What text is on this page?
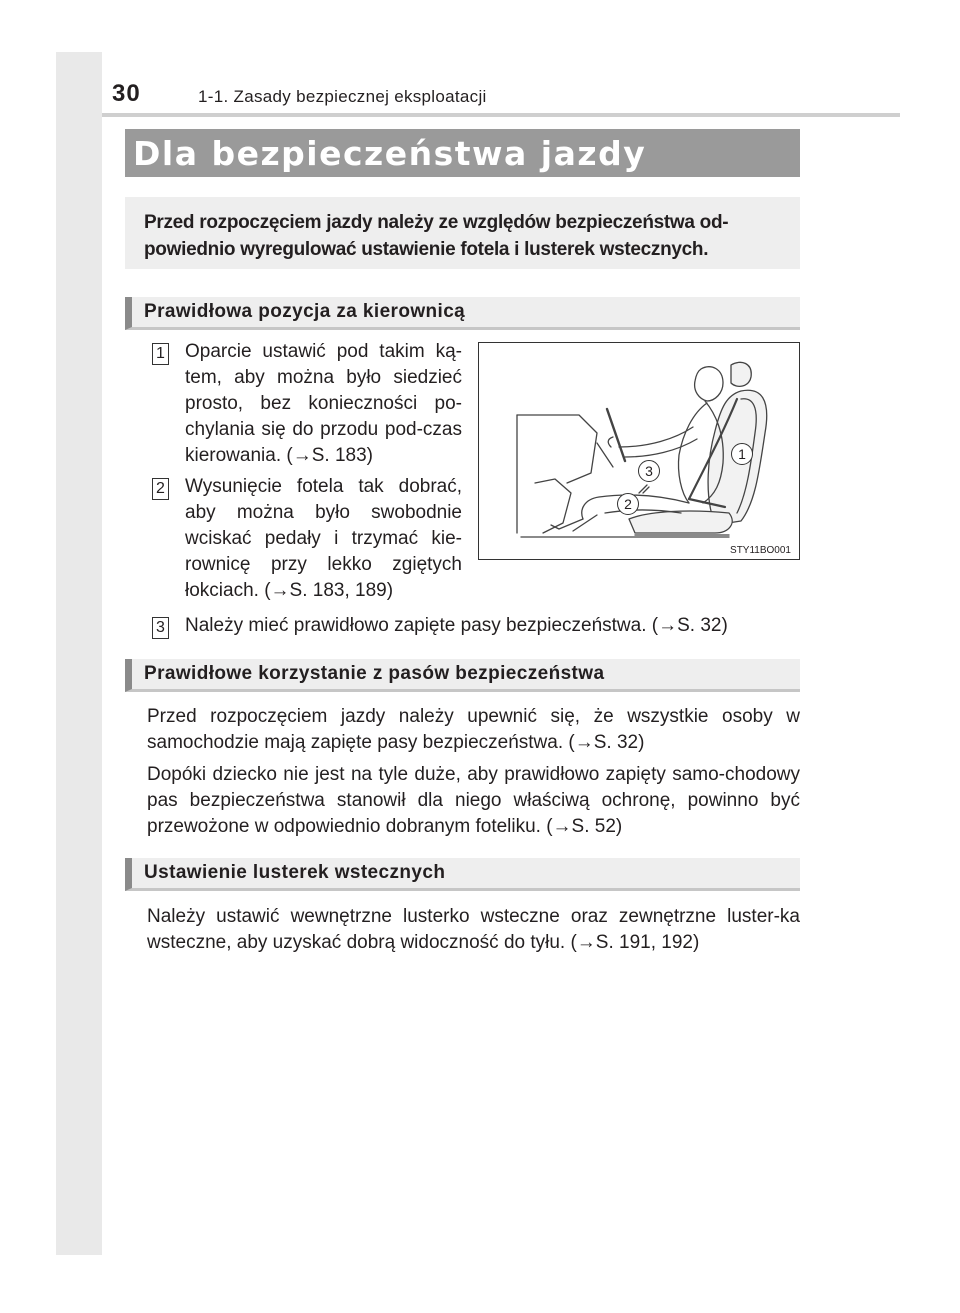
30	1-1. Zasady bezpiecznej eksploatacji
Dla bezpieczeństwa jazdy

Przed rozpoczęciem jazdy należy ze względów bezpieczeństwa od-powiednio wyregulować ustawienie fotela i lusterek wstecznych.

Prawidłowa pozycja za kierownicą
1 Oparcie ustawić pod takim ką-tem, aby można było siedzieć prosto, bez konieczności po-chylania się do przodu pod-czas kierowania. (→S. 183)

2 Wysunięcie fotela tak dobrać, aby można było swobodnie wciskać pedały i trzymać kie-rownicę przy lekko zgiętych łokciach. (→S. 183, 189)

3 Należy mieć prawidłowo zapięte pasy bezpieczeństwa. (→S. 32)

1
2
3
STY11BO001
Prawidłowe korzystanie z pasów bezpieczeństwa

Przed rozpoczęciem jazdy należy upewnić się, że wszystkie osoby w samochodzie mają zapięte pasy bezpieczeństwa. (→S. 32)

Dopóki dziecko nie jest na tyle duże, aby prawidłowo zapięty samo-chodowy pas bezpieczeństwa stanowił dla niego właściwą ochronę, powinno być przewożone w odpowiednio dobranym foteliku. (→S. 52)

Ustawienie lusterek wstecznych

Należy ustawić wewnętrzne lusterko wsteczne oraz zewnętrzne luster-ka wsteczne, aby uzyskać dobrą widoczność do tyłu. (→S. 191, 192)
